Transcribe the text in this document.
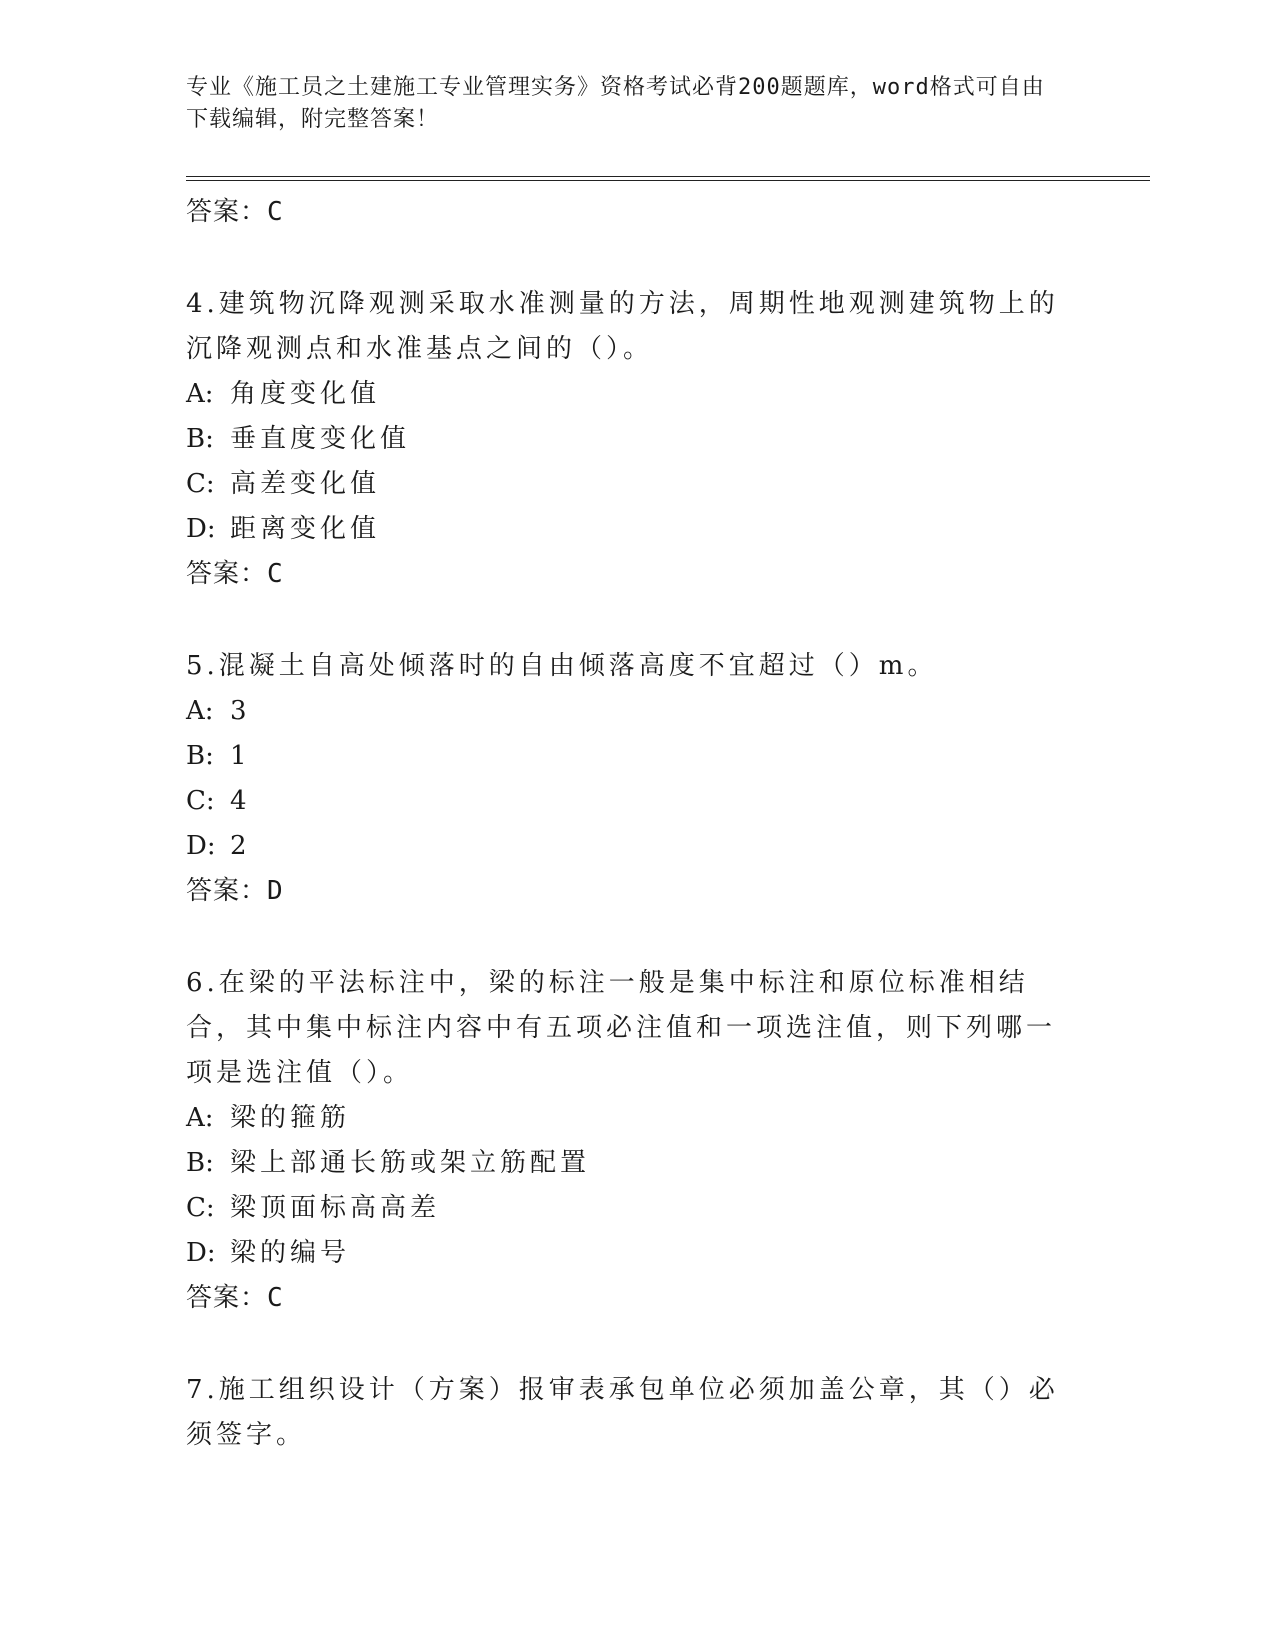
专业《施工员之土建施工专业管理实务》资格考试必背200题题库，word格式可自由下载编辑，附完整答案！
答案：C
4.建筑物沉降观测采取水准测量的方法，周期性地观测建筑物上的沉降观测点和水准基点之间的（）。
A: 角度变化值
B: 垂直度变化值
C: 高差变化值
D: 距离变化值
答案：C
5.混凝土自高处倾落时的自由倾落高度不宜超过（）m。
A: 3
B: 1
C: 4
D: 2
答案：D
6.在梁的平法标注中，梁的标注一般是集中标注和原位标准相结合，其中集中标注内容中有五项必注值和一项选注值，则下列哪一项是选注值（）。
A: 梁的箍筋
B: 梁上部通长筋或架立筋配置
C: 梁顶面标高高差
D: 梁的编号
答案：C
7.施工组织设计（方案）报审表承包单位必须加盖公章，其（）必须签字。
